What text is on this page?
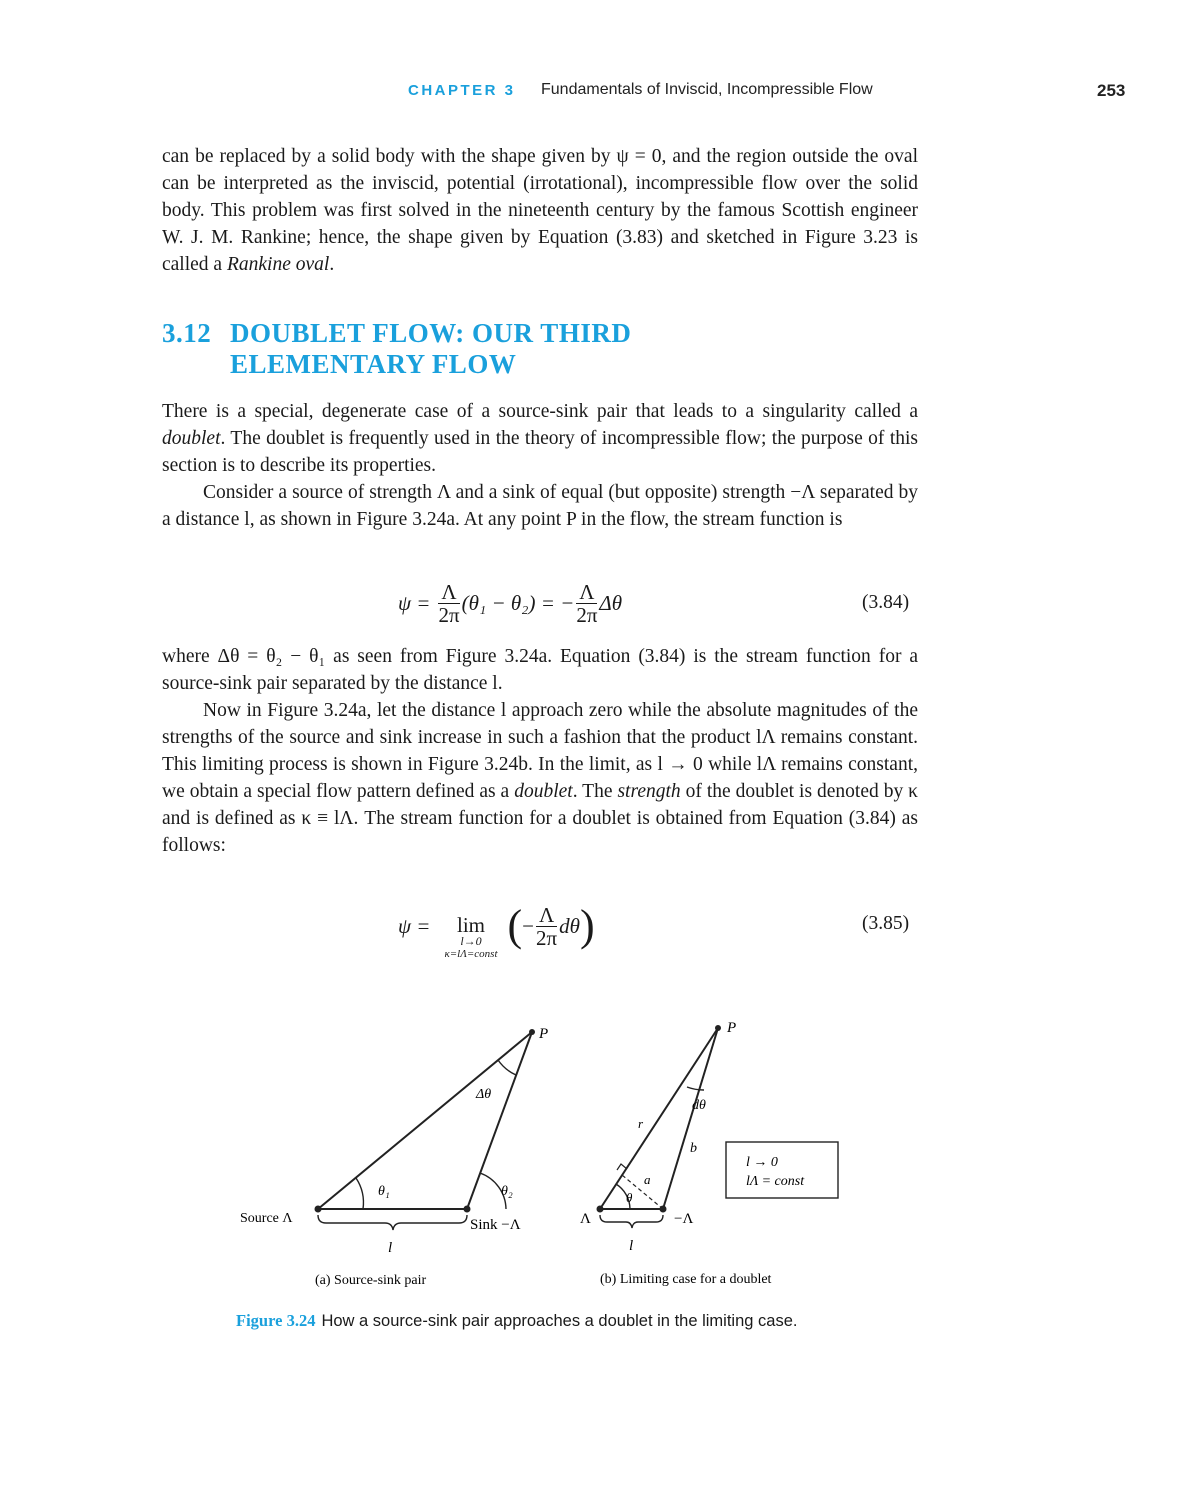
CHAPTER 3 Fundamentals of Inviscid, Incompressible Flow	253

can be replaced by a solid body with the shape given by ψ = 0, and the region outside the oval can be interpreted as the inviscid, potential (irrotational), incompressible flow over the solid body. This problem was first solved in the nineteenth century by the famous Scottish engineer W. J. M. Rankine; hence, the shape given by Equation (3.83) and sketched in Figure 3.23 is called a Rankine oval.

3.12 DOUBLET FLOW: OUR THIRD
ELEMENTARY FLOW

There is a special, degenerate case of a source-sink pair that leads to a singularity called a doublet. The doublet is frequently used in the theory of incompressible flow; the purpose of this section is to describe its properties.

Consider a source of strength Λ and a sink of equal (but opposite) strength −Λ separated by a distance l, as shown in Figure 3.24a. At any point P in the flow, the stream function is

$\psi = \frac{\Lambda}{2\pi} (\theta_1 - \theta_2)$ = − $\frac{\Lambda}{2\pi}$ Δθ	(3.84)

where Δθ = θ₂ − θ₁ as seen from Figure 3.24a. Equation (3.84) is the stream function for a source-sink pair separated by the distance l.

Now in Figure 3.24a, let the distance l approach zero while the absolute magnitudes of the strengths of the source and sink increase in such a fashion that the product lΛ remains constant. This limiting process is shown in Figure 3.24b. In the limit, as l → 0 while lΛ remains constant, we obtain a special flow pattern defined as a doublet. The strength of the doublet is denoted by κ and is defined as κ ≡ lΛ. The stream function for a doublet is obtained from Equation (3.84) as follows:

ψ =	lim
l→0
κ=lΛ=const
( − $\frac{\Lambda}{2\pi}$ dθ )	(3.85)
P
Δθ
θ₁	θ₂
Source Λ	Sink −Λ
l
(a) Source-sink pair
P
dθ
r
b
a
θ
Λ	−Λ
l
l → 0
lΛ = const
(b) Limiting case for a doublet
Figure 3.24 How a source-sink pair approaches a doublet in the limiting case.
